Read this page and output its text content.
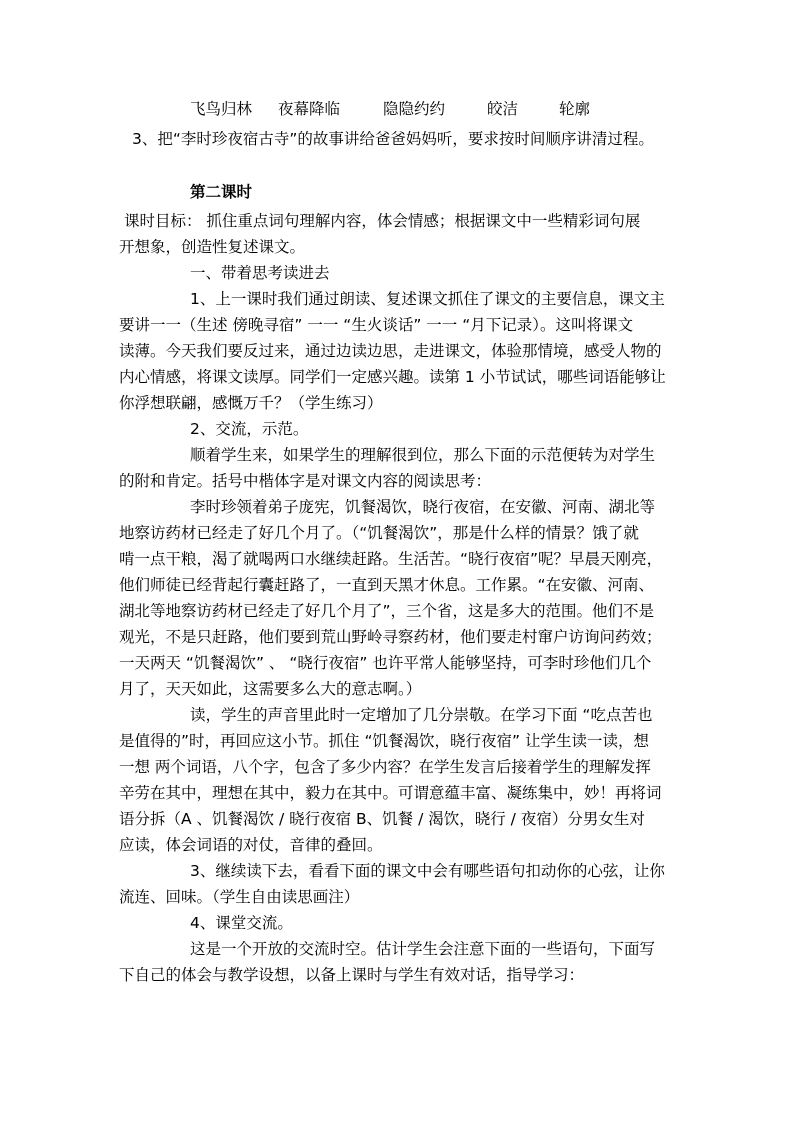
飞鸟归林 夜幕降临	隐隐约约	皎洁	轮廓
3、把“李时珍夜宿古寺”的故事讲给爸爸妈妈听，要求按时间顺序讲清过程。
第二课时
课时目标： 抓住重点词句理解内容，体会情感；根据课文中一些精彩词句展
开想象，创造性复述课文。
一、带着思考读进去
1、上一课时我们通过朗读、复述课文抓住了课文的主要信息，课文主
要讲一一（生述 傍晚寻宿” 一一 “生火谈话” 一一 “月下记录）。这叫将课文
读薄。今天我们要反过来，通过边读边思，走进课文，体验那情境，感受人物的
内心情感，将课文读厚。同学们一定感兴趣。读第 1 小节试试，哪些词语能够让
你浮想联翩，感慨万千？（学生练习）
2、交流，示范。
顺着学生来，如果学生的理解很到位，那么下面的示范便转为对学生
的附和肯定。括号中楷体字是对课文内容的阅读思考：
李时珍领着弟子庞宪，饥餐渴饮，晓行夜宿，在安徽、河南、湖北等
地察访药材已经走了好几个月了。（“饥餐渴饮”，那是什么样的情景？饿了就
啃一点干粮，渴了就喝两口水继续赶路。生活苦。“晓行夜宿”呢？早晨天刚亮，
他们师徒已经背起行囊赶路了，一直到天黑才休息。工作累。“在安徽、河南、
湖北等地察访药材已经走了好几个月了”，三个省，这是多大的范围。他们不是
观光，不是只赶路，他们要到荒山野岭寻察药材，他们要走村窜户访询问药效；
一天两天 “饥餐渴饮” 、 “晓行夜宿” 也许平常人能够坚持，可李时珍他们几个
月了，天天如此，这需要多么大的意志啊。）
读，学生的声音里此时一定增加了几分崇敬。在学习下面 “吃点苦也
是值得的”时，再回应这小节。抓住 “饥餐渴饮，晓行夜宿” 让学生读一读，想
一想 两个词语，八个字，包含了多少内容？在学生发言后接着学生的理解发挥
辛劳在其中，理想在其中，毅力在其中。可谓意蕴丰富、凝练集中，妙！再将词
语分拆（A 、饥餐渴饮 / 晓行夜宿 B、饥餐 / 渴饮，晓行 / 夜宿）分男女生对
应读，体会词语的对仗，音律的叠回。
3、继续读下去，看看下面的课文中会有哪些语句扣动你的心弦，让你
流连、回味。（学生自由读思画注）
4、课堂交流。
这是一个开放的交流时空。估计学生会注意下面的一些语句，下面写
下自己的体会与教学设想，以备上课时与学生有效对话，指导学习：
